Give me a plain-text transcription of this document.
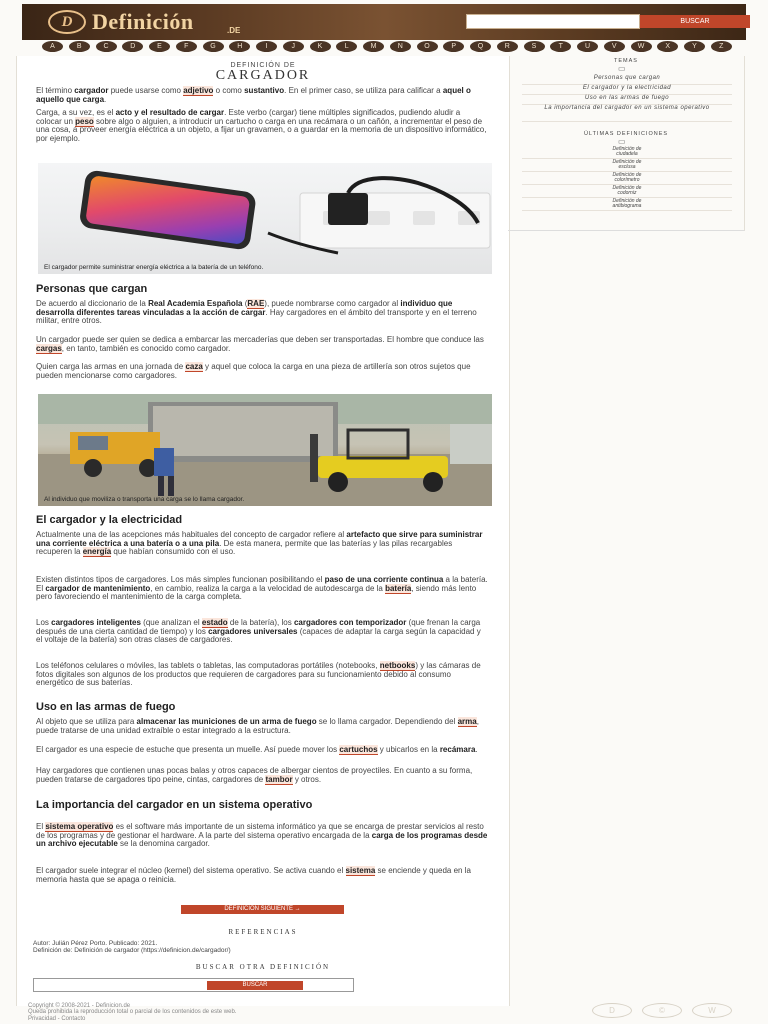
D Definición	.DE
BUSCAR
A	B	C	D	E	F	G	H	I	J	K	L	M	N	O	P	Q	R	S	T	U	V	W	X	Y	Z
DEFINICIÓN DE
CARGADOR

El término cargador puede usarse como adjetivo o como sustantivo. En el primer caso, se utiliza para calificar a aquel o aquello que carga.

Carga, a su vez, es el acto y el resultado de cargar. Este verbo (cargar) tiene múltiples significados, pudiendo aludir a colocar un peso sobre algo o alguien, a introducir un cartucho o carga en una recámara o un cañón, a incrementar el peso de una cosa, a proveer energía eléctrica a un objeto, a fijar un gravamen, o a guardar en la memoria de un dispositivo informático, por ejemplo.

El cargador permite suministrar energía eléctrica a la batería de un teléfono.
Personas que cargan

De acuerdo al diccionario de la Real Academia Española (RAE), puede nombrarse como cargador al individuo que desarrolla diferentes tareas vinculadas a la acción de cargar. Hay cargadores en el ámbito del transporte y en el terreno militar, entre otros.

Un cargador puede ser quien se dedica a embarcar las mercaderías que deben ser transportadas. El hombre que conduce las cargas, en tanto, también es conocido como cargador.

Quien carga las armas en una jornada de caza y aquel que coloca la carga en una pieza de artillería son otros sujetos que pueden mencionarse como cargadores.

Al individuo que moviliza o transporta una carga se lo llama cargador.
El cargador y la electricidad

Actualmente una de las acepciones más habituales del concepto de cargador refiere al artefacto que sirve para suministrar una corriente eléctrica a una batería o a una pila. De esta manera, permite que las baterías y las pilas recargables recuperen la energía que habían consumido con el uso.

Existen distintos tipos de cargadores. Los más simples funcionan posibilitando el paso de una corriente continua a la batería. El cargador de mantenimiento, en cambio, realiza la carga a la velocidad de autodescarga de la batería, siendo más lento pero favoreciendo el mantenimiento de la carga completa.

Los cargadores inteligentes (que analizan el estado de la batería), los cargadores con temporizador (que frenan la carga después de una cierta cantidad de tiempo) y los cargadores universales (capaces de adaptar la carga según la capacidad y el voltaje de la batería) son otras clases de cargadores.

Los teléfonos celulares o móviles, las tablets o tabletas, las computadoras portátiles (notebooks, netbooks) y las cámaras de fotos digitales son algunos de los productos que requieren de cargadores para su funcionamiento debido al consumo energético de sus baterías.

Uso en las armas de fuego

Al objeto que se utiliza para almacenar las municiones de un arma de fuego se lo llama cargador. Dependiendo del arma, puede tratarse de una unidad extraíble o estar integrado a la estructura.

El cargador es una especie de estuche que presenta un muelle. Así puede mover los cartuchos y ubicarlos en la recámara.

Hay cargadores que contienen unas pocas balas y otros capaces de albergar cientos de proyectiles. En cuanto a su forma, pueden tratarse de cargadores tipo peine, cintas, cargadores de tambor y otros.

La importancia del cargador en un sistema operativo

El sistema operativo es el software más importante de un sistema informático ya que se encarga de prestar servicios al resto de los programas y de gestionar el hardware. A la parte del sistema operativo encargada de la carga de los programas desde un archivo ejecutable se la denomina cargador.

El cargador suele integrar el núcleo (kernel) del sistema operativo. Se activa cuando el sistema se enciende y queda en la memoria hasta que se apaga o reinicia.

DEFINICIÓN SIGUIENTE →
REFERENCIAS
Autor: Julián Pérez Porto. Publicado: 2021.
Definición de: Definición de cargador (https://definicion.de/cargador/)
BUSCAR OTRA DEFINICIÓN
BUSCAR
TEMAS
▭
Personas que cargan
El cargador y la electricidad
Uso en las armas de fuego
La importancia del cargador en un sistema operativo
ÚLTIMAS DEFINICIONES
▭
Definición de
ciudadela
Definición de
esclusa
Definición de
colorímetro
Definición de
codorniz
Definición de
antibiograma
Copyright © 2008-2021 - Definicion.de
Queda prohibida la reproducción total o parcial de los contenidos de este web.
Privacidad - Contacto
D	©	W
